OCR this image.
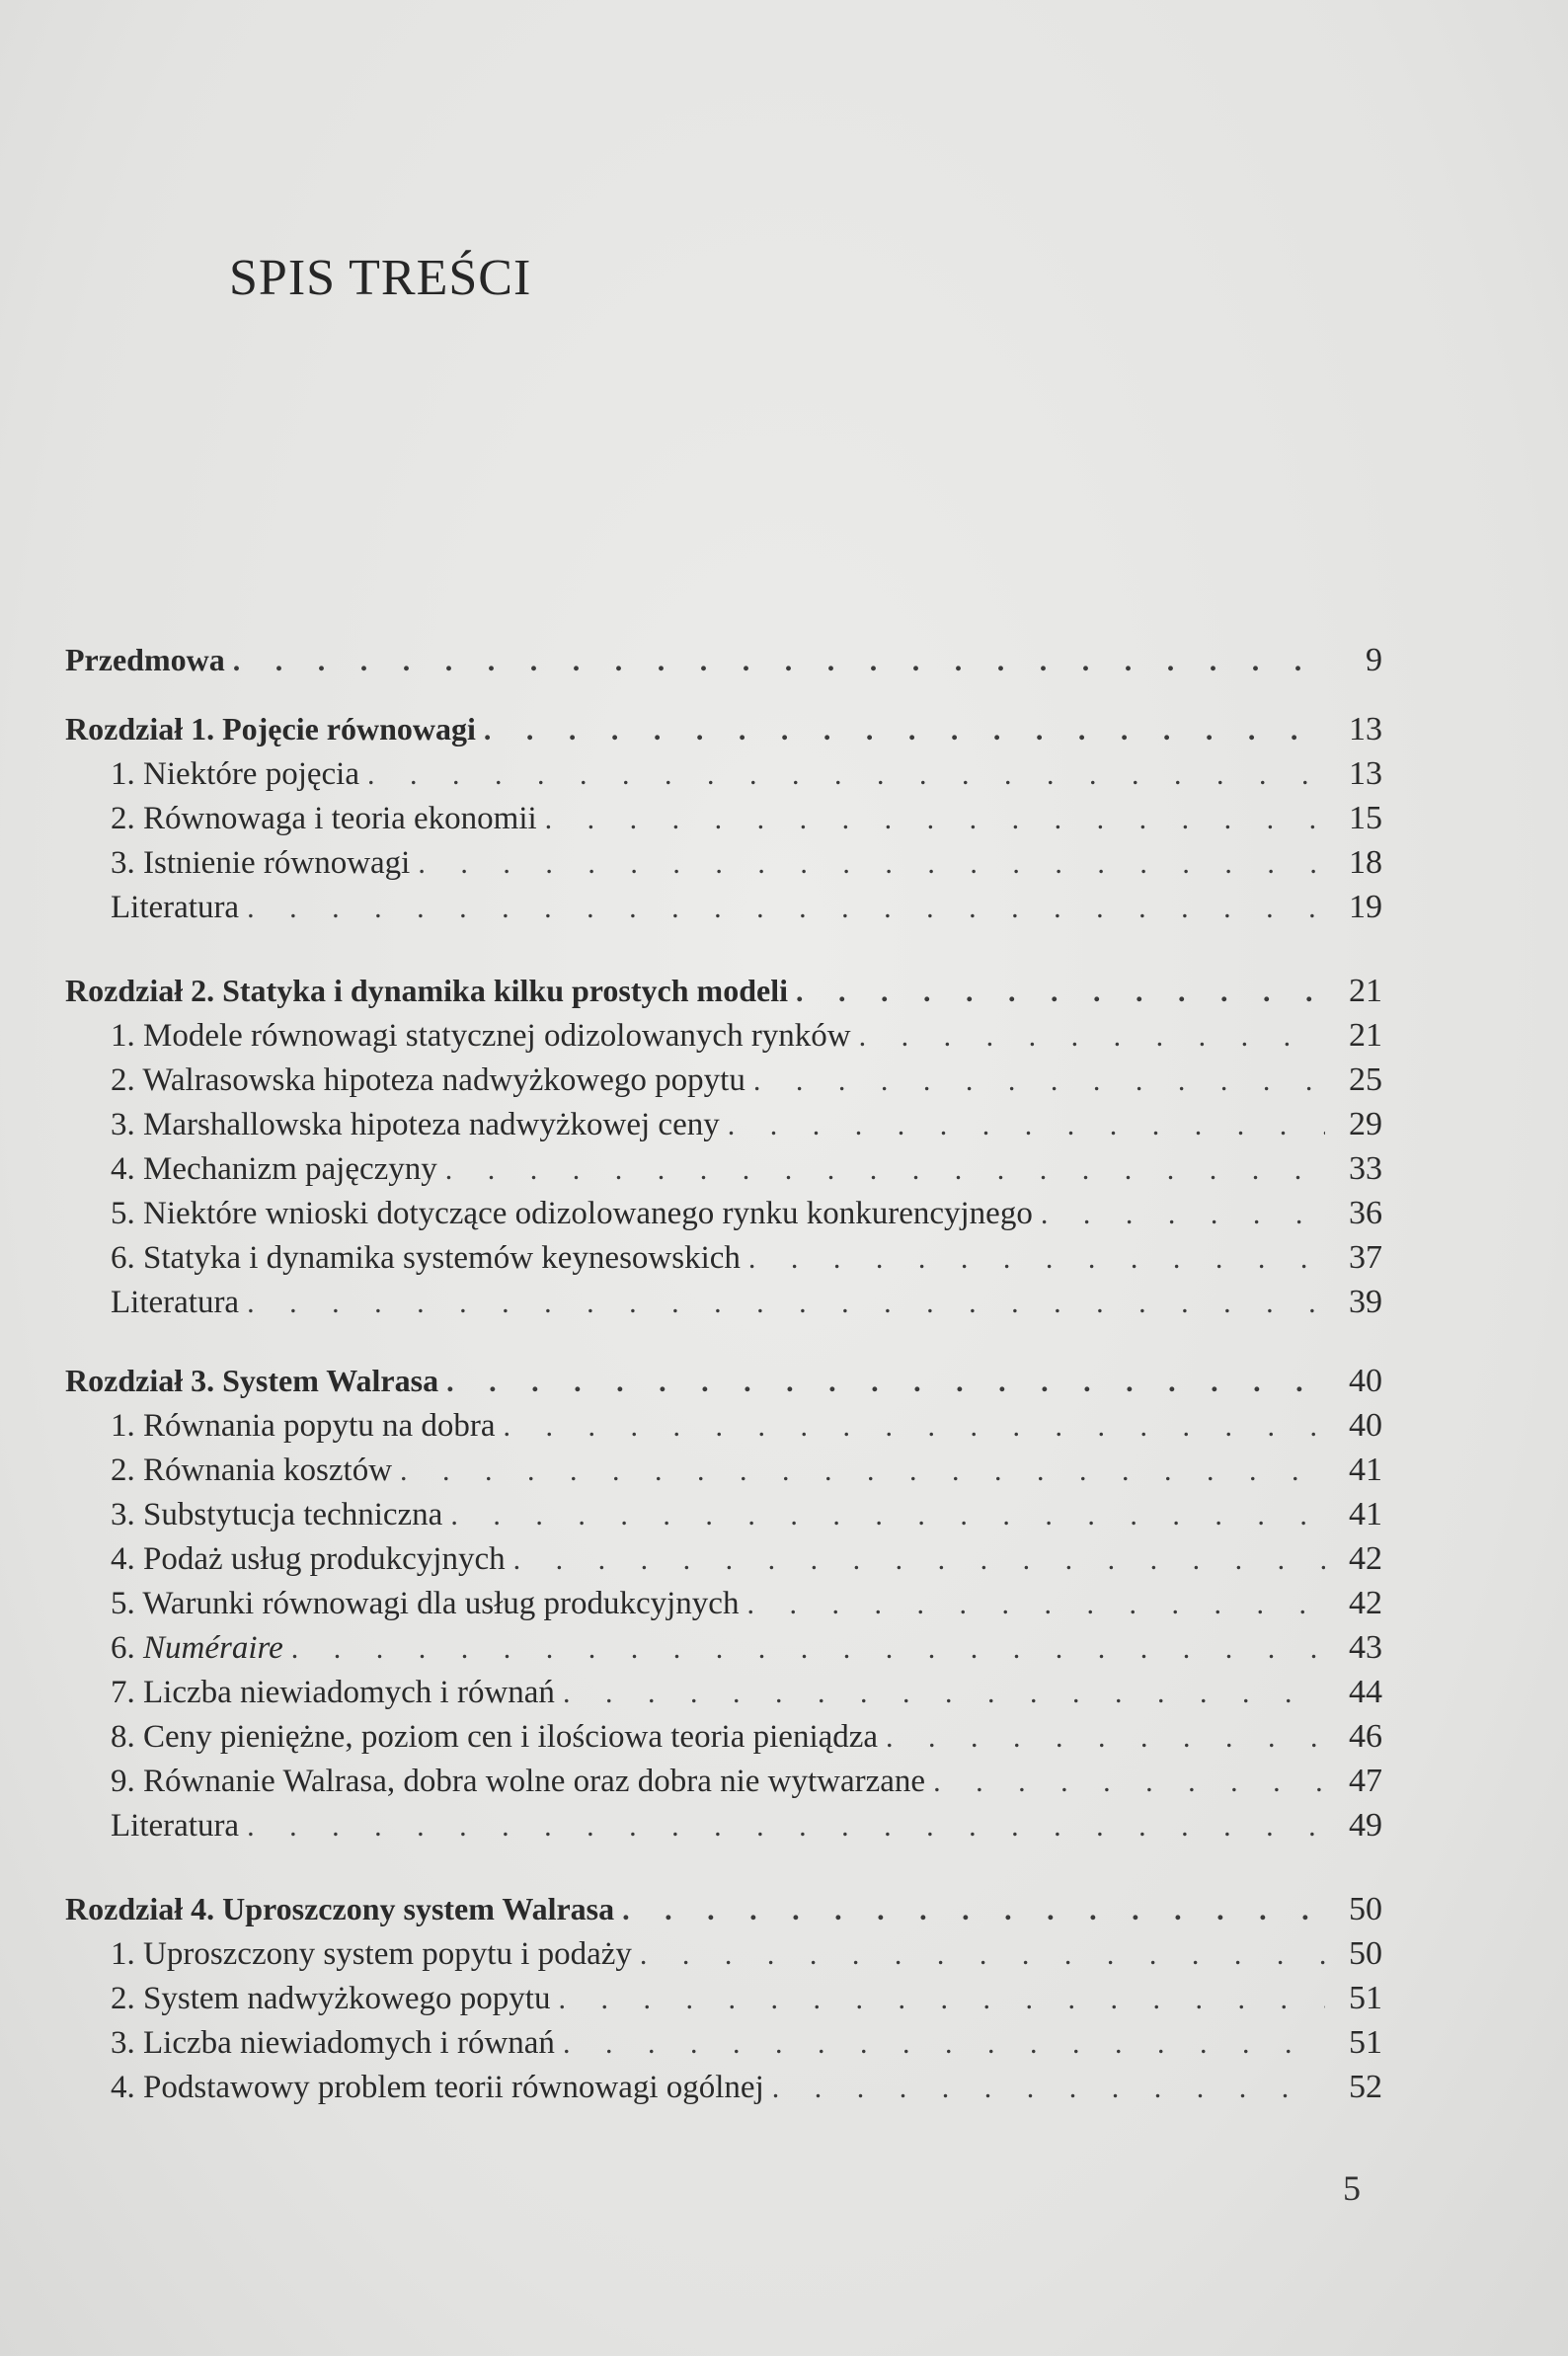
SPIS TREŚCI
Przedmowa . . .	9
Rozdział 1. Pojęcie równowagi . . .	13
1. Niektóre pojęcia . . .	13
2. Równowaga i teoria ekonomii . . .	15
3. Istnienie równowagi . . .	18
Literatura . . .	19
Rozdział 2. Statyka i dynamika kilku prostych modeli . . .	21
1. Modele równowagi statycznej odizolowanych rynków . . .	21
2. Walrasowska hipoteza nadwyżkowego popytu . . .	25
3. Marshallowska hipoteza nadwyżkowej ceny . . .	29
4. Mechanizm pajęczyny . . .	33
5. Niektóre wnioski dotyczące odizolowanego rynku konkurencyjnego . . .	36
6. Statyka i dynamika systemów keynesowskich . . .	37
Literatura . . .	39
Rozdział 3. System Walrasa . . .	40
1. Równania popytu na dobra . . .	40
2. Równania kosztów . . .	41
3. Substytucja techniczna . . .	41
4. Podaż usług produkcyjnych . . .	42
5. Warunki równowagi dla usług produkcyjnych . . .	42
6. Numéraire . . .	43
7. Liczba niewiadomych i równań . . .	44
8. Ceny pieniężne, poziom cen i ilościowa teoria pieniądza . . .	46
9. Równanie Walrasa, dobra wolne oraz dobra nie wytwarzane . . .	47
Literatura . . .	49
Rozdział 4. Uproszczony system Walrasa . . .	50
1. Uproszczony system popytu i podaży . . .	50
2. System nadwyżkowego popytu . . .	51
3. Liczba niewiadomych i równań . . .	51
4. Podstawowy problem teorii równowagi ogólnej . . .	52
5
